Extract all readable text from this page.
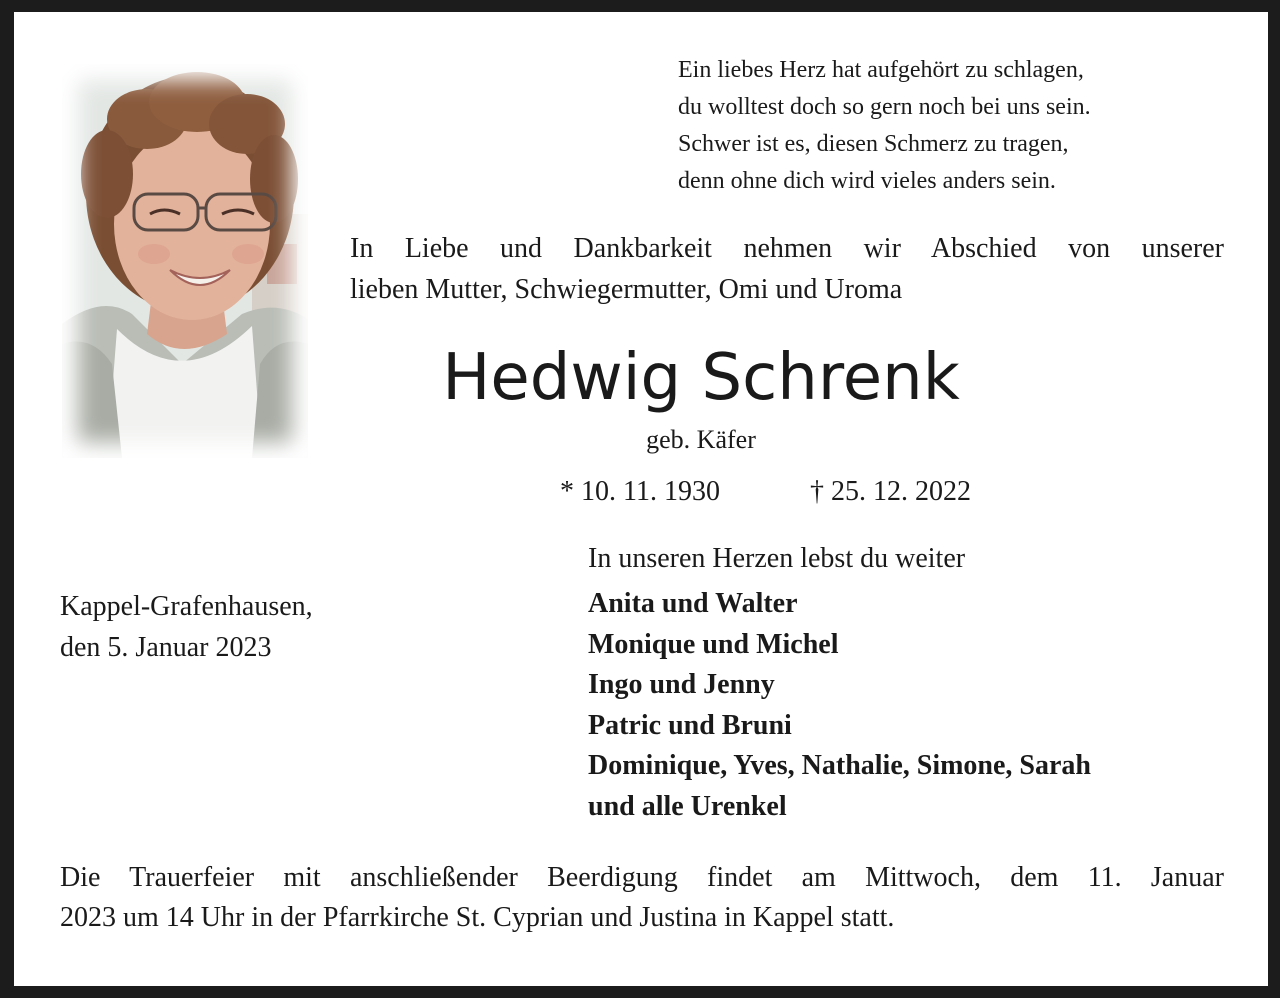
Ein liebes Herz hat aufgehört zu schlagen,
du wolltest doch so gern noch bei uns sein.
Schwer ist es, diesen Schmerz zu tragen,
denn ohne dich wird vieles anders sein.
In Liebe und Dankbarkeit nehmen wir Abschied von unserer
lieben Mutter, Schwiegermutter, Omi und Uroma
Hedwig Schrenk
geb. Käfer
* 10. 11. 1930	† 25. 12. 2022
Kappel-Grafenhausen,
den 5. Januar 2023
In unseren Herzen lebst du weiter
Anita und Walter
Monique und Michel
Ingo und Jenny
Patric und Bruni
Dominique, Yves, Nathalie, Simone, Sarah
und alle Urenkel
Die Trauerfeier mit anschließender Beerdigung findet am Mittwoch, dem 11. Januar
2023 um 14 Uhr in der Pfarrkirche St. Cyprian und Justina in Kappel statt.
